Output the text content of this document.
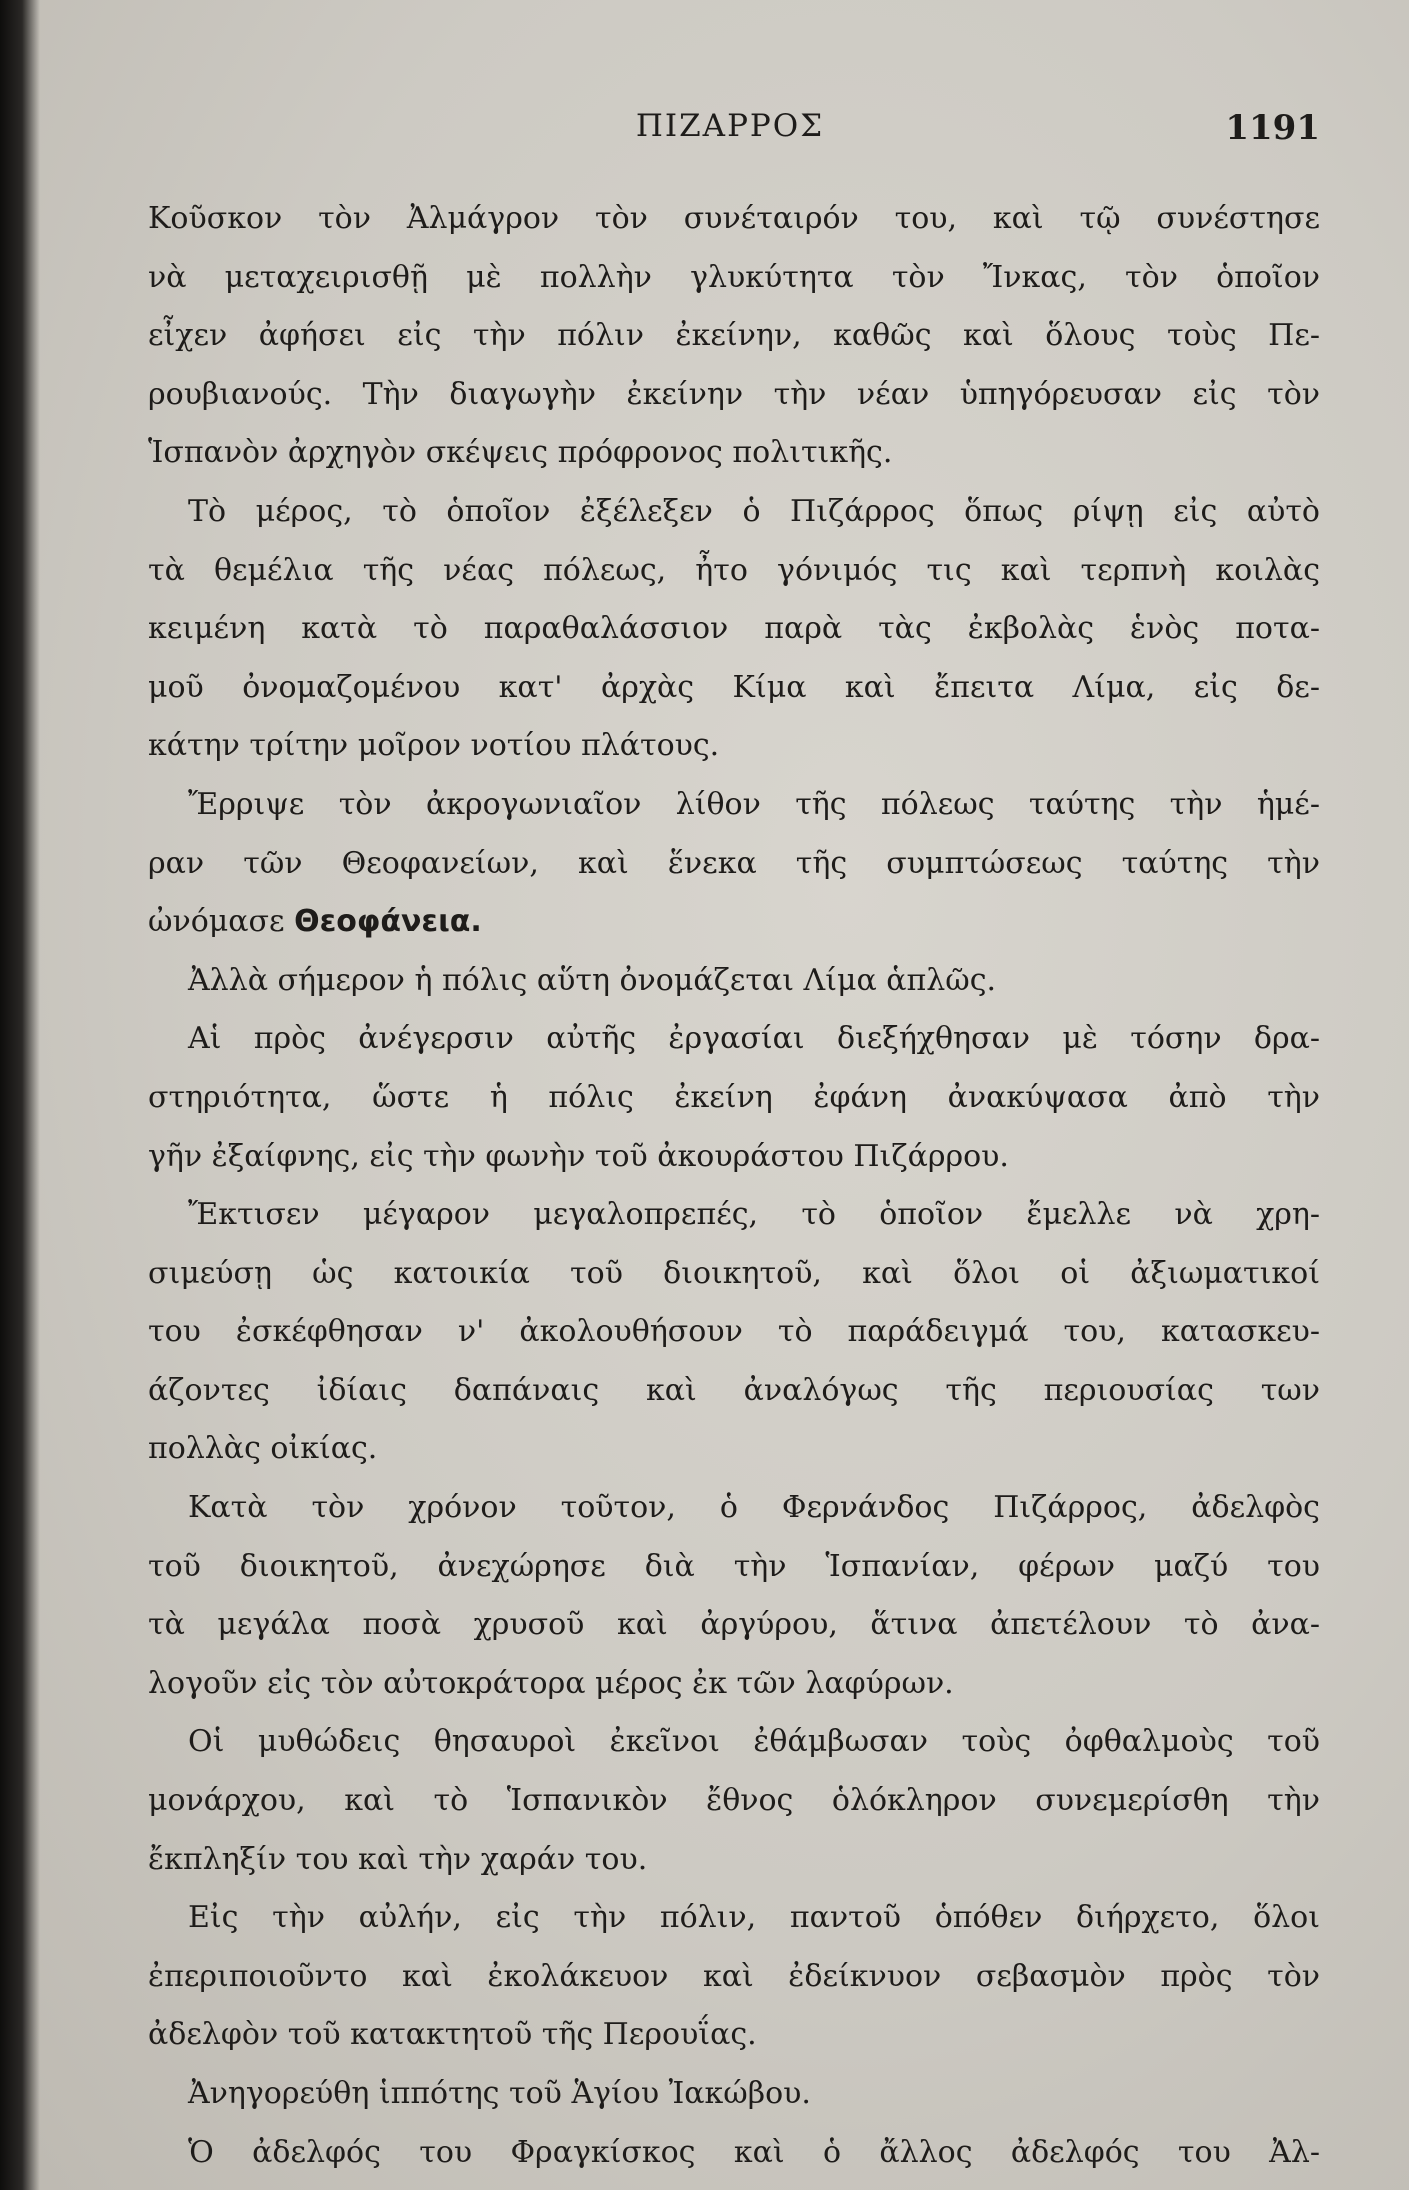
ΠΙΖΑΡΡΟΣ	1191
Κοῦσκον τὸν Ἀλμάγρον τὸν συνέταιρόν του, καὶ τῷ συνέστησε
νὰ μεταχειρισθῇ μὲ πολλὴν γλυκύτητα τὸν Ἴνκας, τὸν ὁποῖον
εἶχεν ἀφήσει εἰς τὴν πόλιν ἐκείνην, καθῶς καὶ ὅλους τοὺς Πε-
ρουβιανούς. Τὴν διαγωγὴν ἐκείνην τὴν νέαν ὑπηγόρευσαν εἰς τὸν
Ἱσπανὸν ἀρχηγὸν σκέψεις πρόφρονος πολιτικῆς.
Τὸ μέρος, τὸ ὁποῖον ἐξέλεξεν ὁ Πιζάρρος ὅπως ρίψῃ εἰς αὐτὸ
τὰ θεμέλια τῆς νέας πόλεως, ἦτο γόνιμός τις καὶ τερπνὴ κοιλὰς
κειμένη κατὰ τὸ παραθαλάσσιον παρὰ τὰς ἐκβολὰς ἑνὸς ποτα-
μοῦ ὀνομαζομένου κατ' ἀρχὰς Κίμα καὶ ἔπειτα Λίμα, εἰς δε-
κάτην τρίτην μοῖρον νοτίου πλάτους.
Ἔρριψε τὸν ἀκρογωνιαῖον λίθον τῆς πόλεως ταύτης τὴν ἡμέ-
ραν τῶν Θεοφανείων, καὶ ἕνεκα τῆς συμπτώσεως ταύτης τὴν
ὠνόμασε Θεοφάνεια.
Ἀλλὰ σήμερον ἡ πόλις αὕτη ὀνομάζεται Λίμα ἁπλῶς.
Αἱ πρὸς ἀνέγερσιν αὐτῆς ἐργασίαι διεξήχθησαν μὲ τόσην δρα-
στηριότητα, ὥστε ἡ πόλις ἐκείνη ἐφάνη ἀνακύψασα ἀπὸ τὴν
γῆν ἐξαίφνης, εἰς τὴν φωνὴν τοῦ ἀκουράστου Πιζάρρου.
Ἔκτισεν μέγαρον μεγαλοπρεπές, τὸ ὁποῖον ἔμελλε νὰ χρη-
σιμεύσῃ ὡς κατοικία τοῦ διοικητοῦ, καὶ ὅλοι οἱ ἀξιωματικοί
του ἐσκέφθησαν ν' ἀκολουθήσουν τὸ παράδειγμά του, κατασκευ-
άζοντες ἰδίαις δαπάναις καὶ ἀναλόγως τῆς περιουσίας των
πολλὰς οἰκίας.
Κατὰ τὸν χρόνον τοῦτον, ὁ Φερνάνδος Πιζάρρος, ἀδελφὸς
τοῦ διοικητοῦ, ἀνεχώρησε διὰ τὴν Ἱσπανίαν, φέρων μαζύ του
τὰ μεγάλα ποσὰ χρυσοῦ καὶ ἀργύρου, ἅτινα ἀπετέλουν τὸ ἀνα-
λογοῦν εἰς τὸν αὐτοκράτορα μέρος ἐκ τῶν λαφύρων.
Οἱ μυθώδεις θησαυροὶ ἐκεῖνοι ἐθάμβωσαν τοὺς ὀφθαλμοὺς τοῦ
μονάρχου, καὶ τὸ Ἱσπανικὸν ἔθνος ὁλόκληρον συνεμερίσθη τὴν
ἔκπληξίν του καὶ τὴν χαράν του.
Εἰς τὴν αὐλήν, εἰς τὴν πόλιν, παντοῦ ὁπόθεν διήρχετο, ὅλοι
ἐπεριποιοῦντο καὶ ἐκολάκευον καὶ ἐδείκνυον σεβασμὸν πρὸς τὸν
ἀδελφὸν τοῦ κατακτητοῦ τῆς Περουΐας.
Ἀνηγορεύθη ἱππότης τοῦ Ἁγίου Ἰακώβου.
Ὁ ἀδελφός του Φραγκίσκος καὶ ὁ ἄλλος ἀδελφός του Ἀλ-
